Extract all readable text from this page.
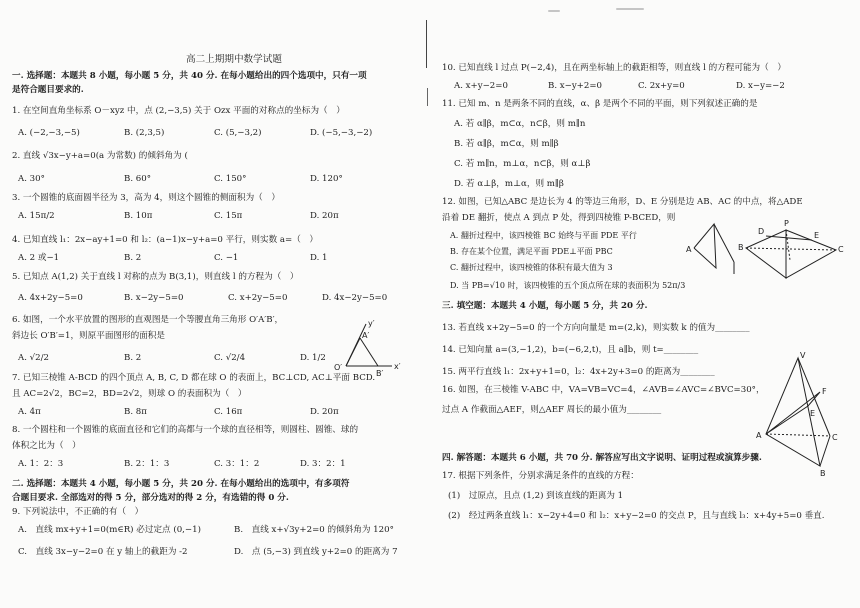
高二上期期中数学试题
一. 选择题：本题共 8 小题，每小题 5 分，共 40 分. 在每小题给出的四个选项中，只有一项
是符合题目要求的.
1. 在空间直角坐标系 O－xyz 中，点 (2,−3,5) 关于 Ozx 平面的对称点的坐标为（　）
A. (−2,−3,−5)	B. (2,3,5)	C. (5,−3,2)	D. (−5,−3,−2)
2. 直线 √3x−y+a=0(a 为常数) 的倾斜角为 (
A. 30°	B. 60°	C. 150°	D. 120°
3. 一个圆锥的底面圆半径为 3，高为 4，则这个圆锥的侧面积为（　）
A. 15π/2	B. 10π	C. 15π	D. 20π
4. 已知直线 l₁：2x−ay+1=0 和 l₂：(a−1)x−y+a=0 平行，则实数 a=（　）
A. 2 或−1	B. 2	C. −1	D. 1
5. 已知点 A(1,2) 关于直线 l 对称的点为 B(3,1)，则直线 l 的方程为（　）
A. 4x+2y−5=0	B. x−2y−5=0	C. x+2y−5=0	D. 4x−2y−5=0
6. 如图，一个水平放置的图形的直观图是一个等腰直角三角形 O′A′B′，
斜边长 O′B′=1，则原平面图形的面积是
A. √2/2	B. 2	C. √2/4	D. 1/2
y′
x′
O′
A′
B′
7. 已知三棱锥 A-BCD 的四个顶点 A, B, C, D 都在球 O 的表面上，BC⊥CD, AC⊥平面 BCD.
且 AC=2√2，BC=2，BD=2√2，则球 O 的表面积为（　）
A. 4π	B. 8π	C. 16π	D. 20π
8. 一个圆柱和一个圆锥的底面直径和它们的高都与一个球的直径相等，则圆柱、圆锥、球的
体积之比为（　）
A. 1：2：3	B. 2：1：3	C. 3：1：2	D. 3：2：1
二. 选择题：本题共 4 小题，每小题 5 分，共 20 分. 在每小题给出的选项中，有多项符
合题目要求. 全部选对的得 5 分，部分选对的得 2 分，有选错的得 0 分.
9. 下列说法中，不正确的有（　）
A.　直线 mx+y+1=0(m∈R) 必过定点 (0,−1)	B.　直线 x+√3y+2=0 的倾斜角为 120°
C.　直线 3x−y−2=0 在 y 轴上的截距为 -2	D.　点 (5,−3) 到直线 y+2=0 的距离为 7
10. 已知直线 l 过点 P(−2,4)，且在两坐标轴上的截距相等，则直线 l 的方程可能为（　）
A. x+y−2=0	B. x−y+2=0	C. 2x+y=0	D. x−y=−2
11. 已知 m、n 是两条不同的直线，α、β 是两个不同的平面，则下列叙述正确的是
A. 若 α∥β，m⊂α，n⊂β，则 m∥n
B. 若 α∥β，m⊂α，则 m∥β
C. 若 m∥n，m⊥α，n⊂β，则 α⊥β
D. 若 α⊥β，m⊥α，则 m∥β
12. 如图，已知△ABC 是边长为 4 的等边三角形，D、E 分别是边 AB、AC 的中点，将△ADE
沿着 DE 翻折，使点 A 到点 P 处，得到四棱锥 P-BCED，则
A. 翻折过程中，该四棱锥 BC 始终与平面 PDE 平行
B. 存在某个位置，满足平面 PDE⊥平面 PBC
C. 翻折过程中，该四棱锥的体积有最大值为 3
D. 当 PB=√10 时，该四棱锥的五个顶点所在球的表面积为 52π/3
A
P
D	E
B	C
三. 填空题：本题共 4 小题，每小题 5 分，共 20 分.
13. 若直线 x+2y−5=0 的一个方向向量是 m=(2,k)，则实数 k 的值为________
14. 已知向量 a=(3,−1,2)，b=(−6,2,t)，且 a∥b，则 t=________
15. 两平行直线 l₁：2x+y+1=0，l₂：4x+2y+3=0 的距离为________
16. 如图，在三棱锥 V-ABC 中，VA=VB=VC=4，∠AVB=∠AVC=∠BVC=30°，
过点 A 作截面△AEF，则△AEF 周长的最小值为________
V
F
E
A	C
B
四. 解答题：本题共 6 小题，共 70 分. 解答应写出文字说明、证明过程或演算步骤.
17. 根据下列条件，分别求满足条件的直线的方程：
(1)　过原点，且点 (1,2) 到该直线的距离为 1
(2)　经过两条直线 l₁：x−2y+4=0 和 l₂：x+y−2=0 的交点 P，且与直线 l₃：x+4y+5=0 垂直.
